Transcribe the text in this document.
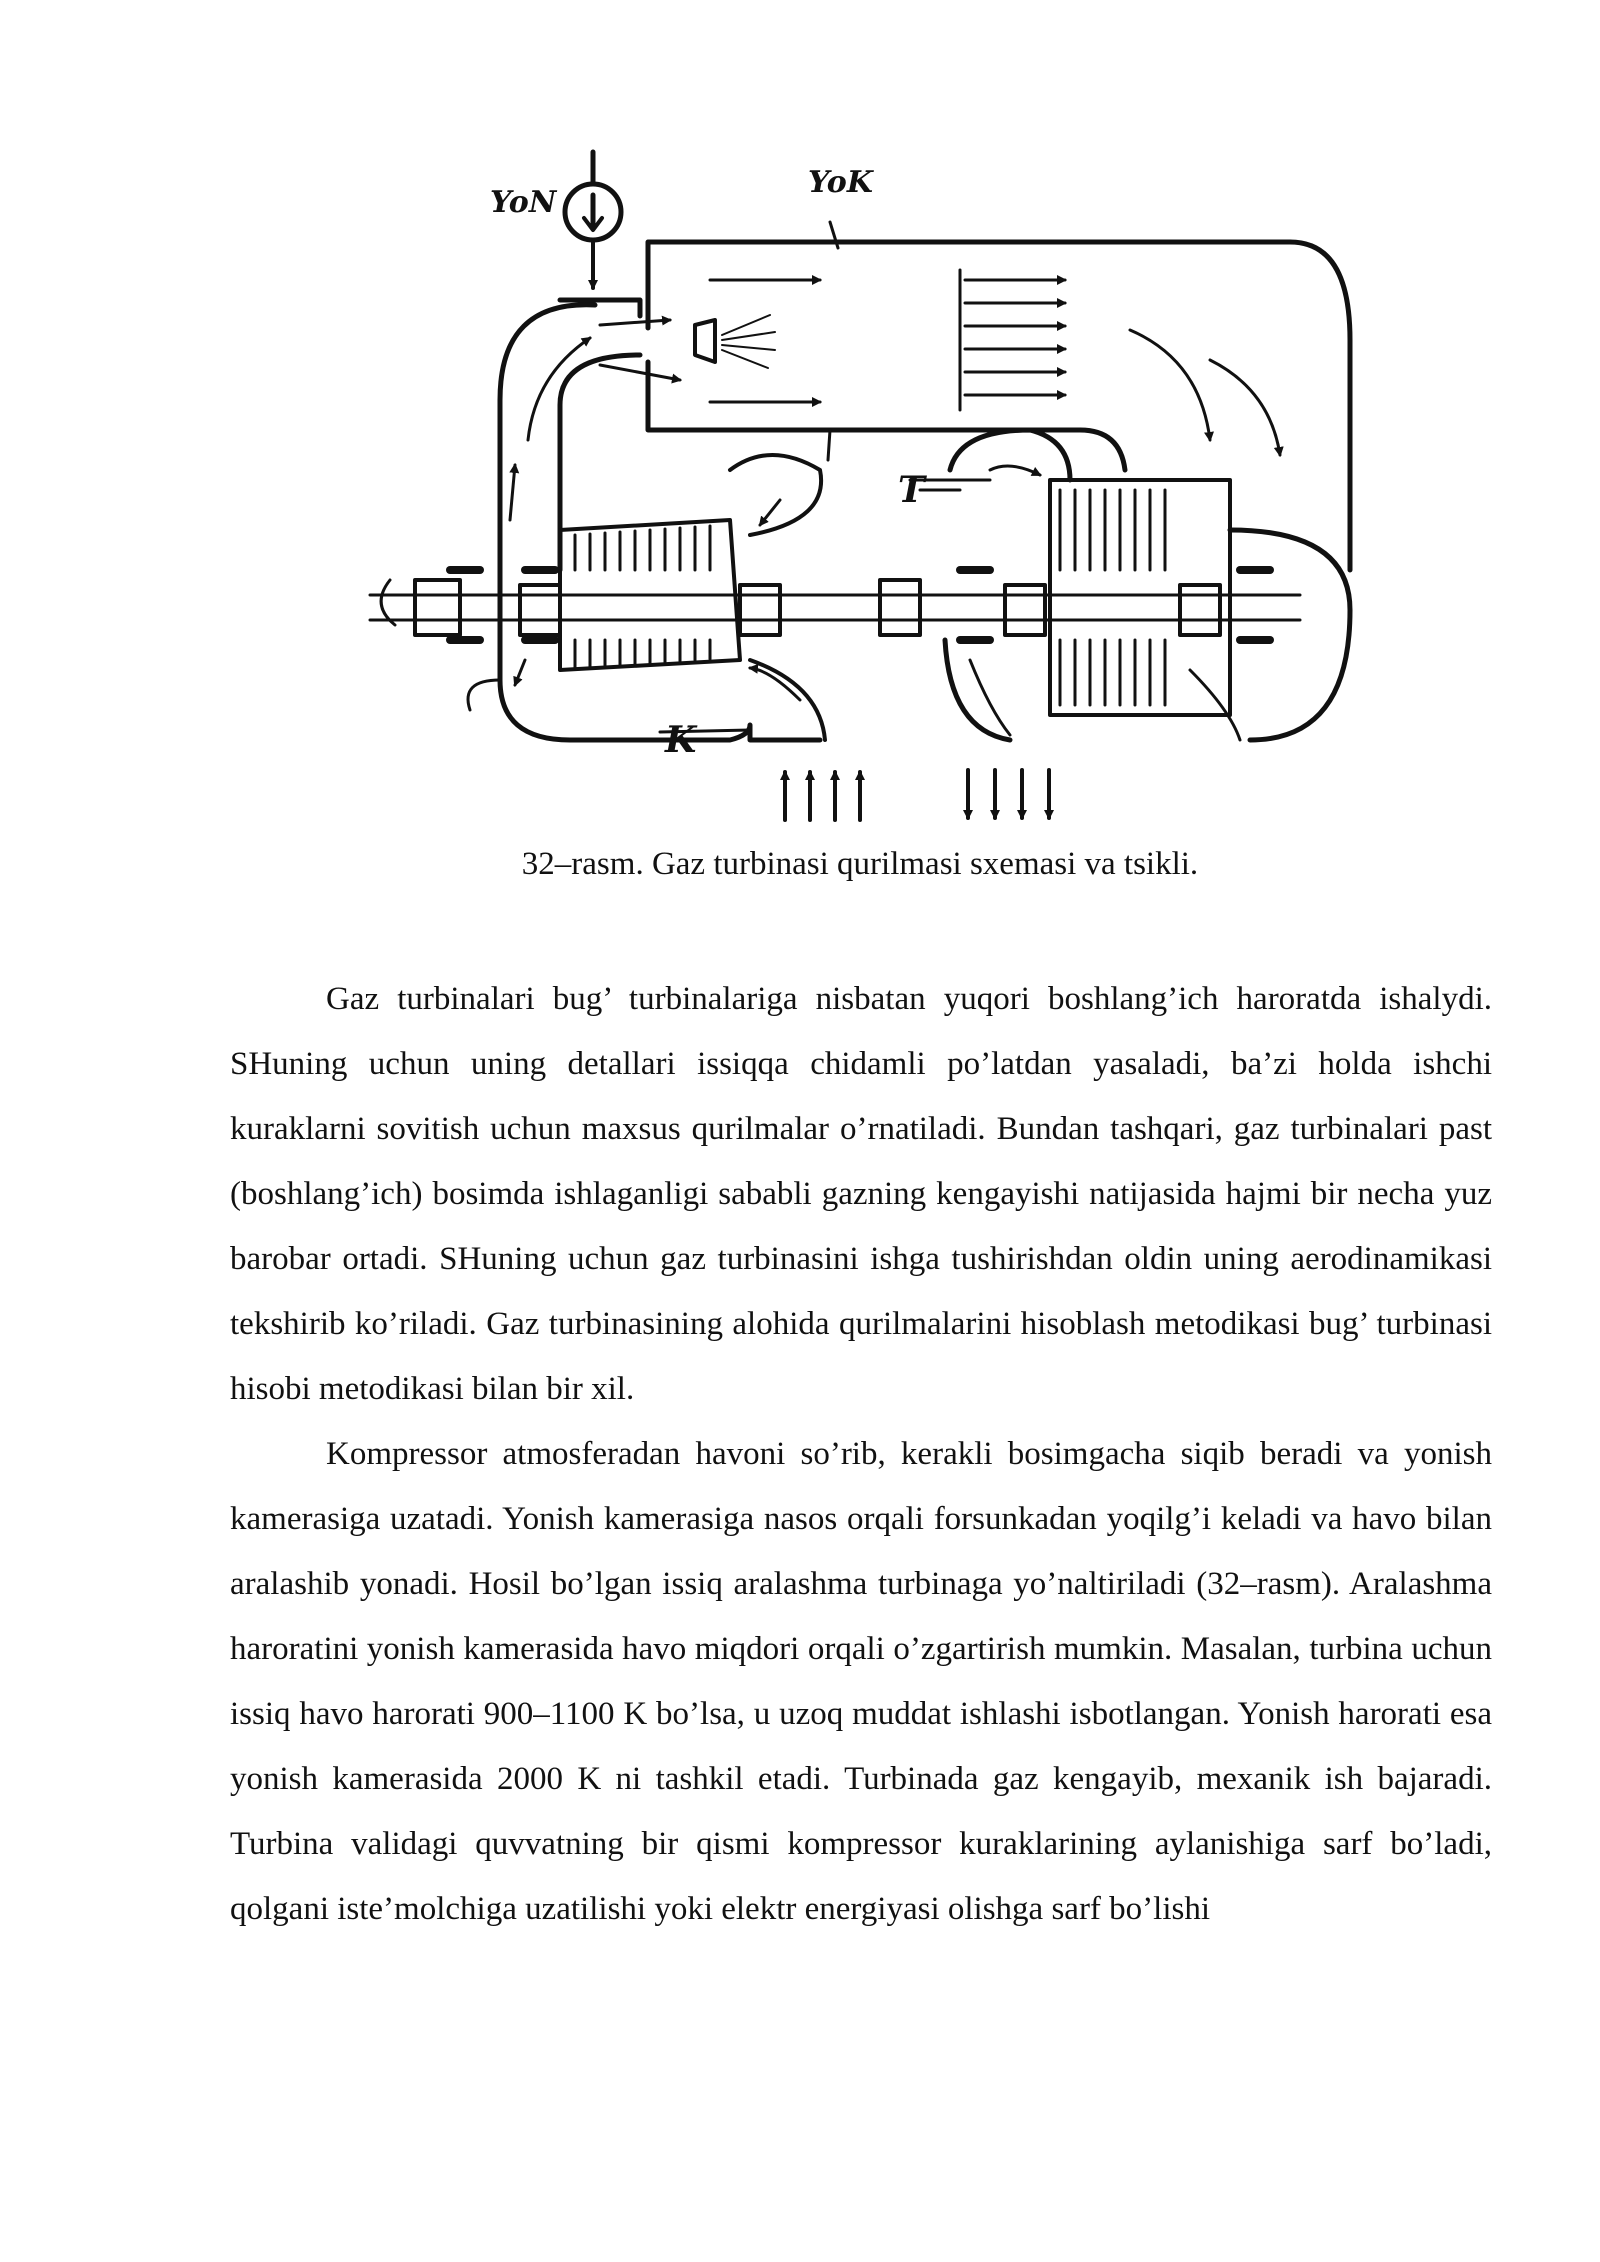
YoN
YoK
T
K
32–rasm. Gaz turbinasi qurilmasi sxemasi va tsikli.

Gaz turbinalari bug’ turbinalariga nisbatan yuqori boshlang’ich haroratda ishalydi. SHuning uchun uning detallari issiqqa chidamli po’latdan yasaladi, ba’zi holda ishchi kuraklarni sovitish uchun maxsus qurilmalar o’rnatiladi. Bundan tashqari, gaz turbinalari past (boshlang’ich) bosimda ishlaganligi sababli gazning kengayishi natijasida hajmi bir necha yuz barobar ortadi. SHuning uchun gaz turbinasini ishga tushirishdan oldin uning aerodinamikasi tekshirib ko’riladi. Gaz turbinasining alohida qurilmalarini hisoblash metodikasi bug’ turbinasi hisobi metodikasi bilan bir xil.

Kompressor atmosferadan havoni so’rib, kerakli bosimgacha siqib beradi va yonish kamerasiga uzatadi. Yonish kamerasiga nasos orqali forsunkadan yoqilg’i keladi va havo bilan aralashib yonadi. Hosil bo’lgan issiq aralashma turbinaga yo’naltiriladi (32–rasm). Aralashma haroratini yonish kamerasida havo miqdori orqali o’zgartirish mumkin. Masalan, turbina uchun issiq havo harorati 900–1100 K bo’lsa, u uzoq muddat ishlashi isbotlangan. Yonish harorati esa yonish kamerasida 2000 K ni tashkil etadi. Turbinada gaz kengayib, mexanik ish bajaradi. Turbina validagi quvvatning bir qismi kompressor kuraklarining aylanishiga sarf bo’ladi, qolgani iste’molchiga uzatilishi yoki elektr energiyasi olishga sarf bo’lishi
